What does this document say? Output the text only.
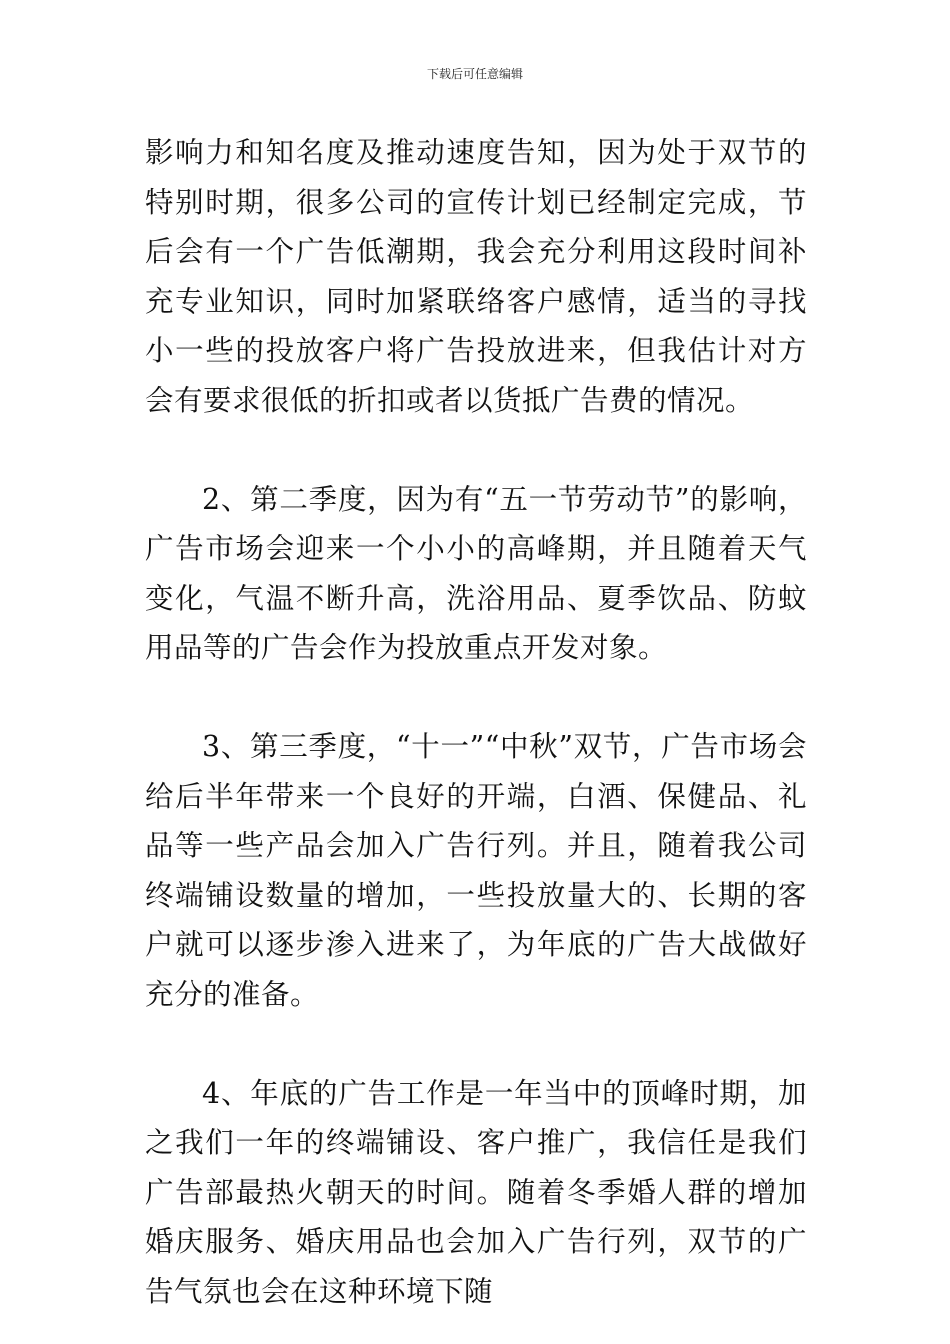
下载后可任意编辑

影响力和知名度及推动速度告知，因为处于双节的特别时期，很多公司的宣传计划已经制定完成，节后会有一个广告低潮期，我会充分利用这段时间补充专业知识，同时加紧联络客户感情，适当的寻找小一些的投放客户将广告投放进来，但我估计对方会有要求很低的折扣或者以货抵广告费的情况。

2、第二季度，因为有“五一节劳动节”的影响，广告市场会迎来一个小小的高峰期，并且随着天气变化，气温不断升高，洗浴用品、夏季饮品、防蚊用品等的广告会作为投放重点开发对象。

3、第三季度，“十一”“中秋”双节，广告市场会给后半年带来一个良好的开端，白酒、保健品、礼品等一些产品会加入广告行列。并且，随着我公司终端铺设数量的增加，一些投放量大的、长期的客户就可以逐步渗入进来了，为年底的广告大战做好充分的准备。

4、年底的广告工作是一年当中的顶峰时期，加之我们一年的终端铺设、客户推广，我信任是我们广告部最热火朝天的时间。随着冬季婚人群的增加婚庆服务、婚庆用品也会加入广告行列，双节的广告气氛也会在这种环境下随
